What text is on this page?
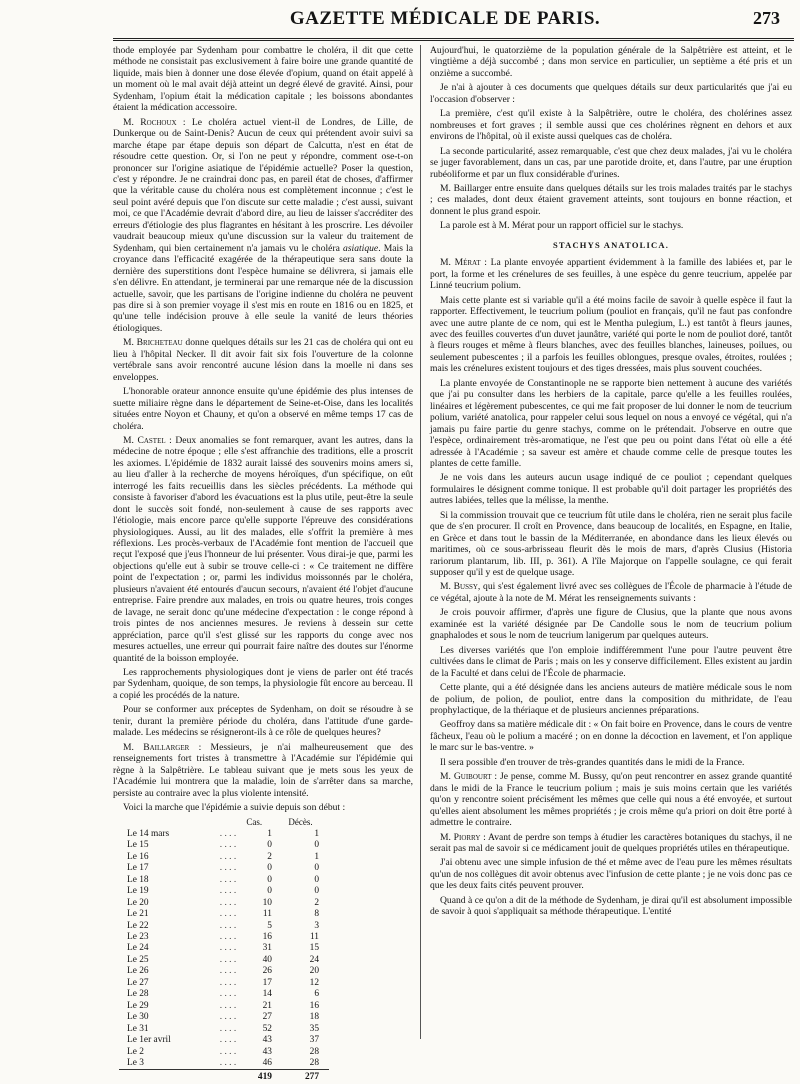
GAZETTE MÉDICALE DE PARIS.	273

thode employée par Sydenham pour combattre le choléra, il dit que cette méthode ne consistait pas exclusivement à faire boire une grande quantité de liquide, mais bien à donner une dose élevée d'opium, quand on était appelé à un moment où le mal avait déjà atteint un degré élevé de gravité. Ainsi, pour Sydenham, l'opium était la médication capitale ; les boissons abondantes étaient la médication accessoire.

M. Rochoux : Le choléra actuel vient-il de Londres, de Lille, de Dunkerque ou de Saint-Denis? Aucun de ceux qui prétendent avoir suivi sa marche étape par étape depuis son départ de Calcutta, n'est en état de résoudre cette question. Or, si l'on ne peut y répondre, comment ose-t-on prononcer sur l'origine asiatique de l'épidémie actuelle? Poser la question, c'est y répondre. Je ne craindrai donc pas, en pareil état de choses, d'affirmer que la véritable cause du choléra nous est complètement inconnue ; c'est le seul point avéré depuis que l'on discute sur cette maladie ; c'est aussi, suivant moi, ce que l'Académie devrait d'abord dire, au lieu de laisser s'accréditer des erreurs d'étiologie des plus flagrantes en hésitant à les proscrire. Les dévoiler vaudrait beaucoup mieux qu'une discussion sur la valeur du traitement de Sydenham, qui bien certainement n'a jamais vu le choléra asiatique. Mais la croyance dans l'efficacité exagérée de la thérapeutique sera sans doute la dernière des superstitions dont l'espèce humaine se délivrera, si jamais elle s'en délivre. En attendant, je terminerai par une remarque née de la discussion actuelle, savoir, que les partisans de l'origine indienne du choléra ne peuvent pas dire si à son premier voyage il s'est mis en route en 1816 ou en 1825, et qu'une telle indécision prouve à elle seule la vanité de leurs théories étiologiques.

M. Bricheteau donne quelques détails sur les 21 cas de choléra qui ont eu lieu à l'hôpital Necker. Il dit avoir fait six fois l'ouverture de la colonne vertébrale sans avoir rencontré aucune lésion dans la moelle ni dans ses enveloppes.

L'honorable orateur annonce ensuite qu'une épidémie des plus intenses de suette miliaire règne dans le département de Seine-et-Oise, dans les localités situées entre Noyon et Chauny, et qu'on a observé en même temps 17 cas de choléra.

M. Castel : Deux anomalies se font remarquer, avant les autres, dans la médecine de notre époque ; elle s'est affranchie des traditions, elle a proscrit les axiomes. L'épidémie de 1832 aurait laissé des souvenirs moins amers si, au lieu d'aller à la recherche de moyens héroïques, d'un spécifique, on eût interrogé les faits recueillis dans les siècles précédents. La méthode qui consiste à favoriser d'abord les évacuations est la plus utile, peut-être la seule dont le succès soit fondé, non-seulement à cause de ses rapports avec l'étiologie, mais encore parce qu'elle supporte l'épreuve des considérations physiologiques. Aussi, au lit des malades, elle s'offrit la première à mes réflexions. Les procès-verbaux de l'Académie font mention de l'accueil que reçut l'exposé que j'eus l'honneur de lui présenter. Vous dirai-je que, parmi les objections qu'elle eut à subir se trouve celle-ci : « Ce traitement ne diffère point de l'expectation ; or, parmi les individus moissonnés par le choléra, plusieurs n'avaient été entourés d'aucun secours, n'avaient été l'objet d'aucune entreprise. Faire prendre aux malades, en trois ou quatre heures, trois conges de lavage, ne serait donc qu'une médecine d'expectation : le conge répond à trois pintes de nos anciennes mesures. Je reviens à dessein sur cette appréciation, parce qu'il s'est glissé sur les rapports du conge avec nos mesures actuelles, une erreur qui pourrait faire naître des doutes sur l'énorme quantité de la boisson employée.

Les rapprochements physiologiques dont je viens de parler ont été tracés par Sydenham, quoique, de son temps, la physiologie fût encore au berceau. Il a copié les procédés de la nature.

Pour se conformer aux préceptes de Sydenham, on doit se résoudre à se tenir, durant la première période du choléra, dans l'attitude d'une garde-malade. Les médecins se résigneront-ils à ce rôle de quelques heures?

M. Baillarger : Messieurs, je n'ai malheureusement que des renseignements fort tristes à transmettre à l'Académie sur l'épidémie qui règne à la Salpêtrière. Le tableau suivant que je mets sous les yeux de l'Académie lui montrera que la maladie, loin de s'arrêter dans sa marche, persiste au contraire avec la plus violente intensité.

Voici la marche que l'épidémie a suivie depuis son début :

		Cas.	Décès.
Le 14 mars	. . . .	1	1
Le 15	. . . .	0	0
Le 16	. . . .	2	1
Le 17	. . . .	0	0
Le 18	. . . .	0	0
Le 19	. . . .	0	0
Le 20	. . . .	10	2
Le 21	. . . .	11	8
Le 22	. . . .	5	3
Le 23	. . . .	16	11
Le 24	. . . .	31	15
Le 25	. . . .	40	24
Le 26	. . . .	26	20
Le 27	. . . .	17	12
Le 28	. . . .	14	6
Le 29	. . . .	21	16
Le 30	. . . .	27	18
Le 31	. . . .	52	35
Le 1er avril	. . . .	43	37
Le 2	. . . .	43	28
Le 3	. . . .	46	28
		419	277

Aujourd'hui, le quatorzième de la population générale de la Salpêtrière est atteint, et le vingtième a déjà succombé ; dans mon service en particulier, un septième a été pris et un onzième a succombé.

Je n'ai à ajouter à ces documents que quelques détails sur deux particularités que j'ai eu l'occasion d'observer :

La première, c'est qu'il existe à la Salpêtrière, outre le choléra, des cholérines assez nombreuses et fort graves ; il semble aussi que ces cholérines règnent en dehors et aux environs de l'hôpital, où il existe aussi quelques cas de choléra.

La seconde particularité, assez remarquable, c'est que chez deux malades, j'ai vu le choléra se juger favorablement, dans un cas, par une parotide droite, et, dans l'autre, par une éruption rubéoliforme et par un flux considérable d'urines.

M. Baillarger entre ensuite dans quelques détails sur les trois malades traités par le stachys ; ces malades, dont deux étaient gravement atteints, sont toujours en bonne réaction, et donnent le plus grand espoir.

La parole est à M. Mérat pour un rapport officiel sur le stachys.

STACHYS ANATOLICA.

M. Mérat : La plante envoyée appartient évidemment à la famille des labiées et, par le port, la forme et les crénelures de ses feuilles, à une espèce du genre teucrium, appelée par Linné teucrium polium.

Mais cette plante est si variable qu'il a été moins facile de savoir à quelle espèce il faut la rapporter. Effectivement, le teucrium polium (pouliot en français, qu'il ne faut pas confondre avec une autre plante de ce nom, qui est le Mentha pulegium, L.) est tantôt à fleurs jaunes, avec des feuilles couvertes d'un duvet jaunâtre, variété qui porte le nom de pouliot doré, tantôt à fleurs rouges et même à fleurs blanches, avec des feuilles blanches, laineuses, poilues, ou seulement pubescentes ; il a parfois les feuilles oblongues, presque ovales, étroites, roulées ; mais les crénelures existent toujours et des tiges dressées, mais plus souvent couchées.

La plante envoyée de Constantinople ne se rapporte bien nettement à aucune des variétés que j'ai pu consulter dans les herbiers de la capitale, parce qu'elle a les feuilles roulées, linéaires et légèrement pubescentes, ce qui me fait proposer de lui donner le nom de teucrium polium, variété anatolica, pour rappeler celui sous lequel on nous a envoyé ce végétal, qui n'a jamais pu faire partie du genre stachys, comme on le prétendait. J'observe en outre que l'espèce, ordinairement très-aromatique, ne l'est que peu ou point dans l'état où elle a été adressée à l'Académie ; sa saveur est amère et chaude comme celle de presque toutes les plantes de cette famille.

Je ne vois dans les auteurs aucun usage indiqué de ce pouliot ; cependant quelques formulaires le désignent comme tonique. Il est probable qu'il doit partager les propriétés des autres labiées, telles que la mélisse, la menthe.

Si la commission trouvait que ce teucrium fût utile dans le choléra, rien ne serait plus facile que de s'en procurer. Il croît en Provence, dans beaucoup de localités, en Espagne, en Italie, en Grèce et dans tout le bassin de la Méditerranée, en abondance dans les lieux élevés ou maritimes, où ce sous-arbrisseau fleurit dès le mois de mars, d'après Clusius (Historia rariorum plantarum, lib. III, p. 361). A l'île Majorque on l'appelle soulagne, ce qui ferait supposer qu'il y est de quelque usage.

M. Bussy, qui s'est également livré avec ses collègues de l'École de pharmacie à l'étude de ce végétal, ajoute à la note de M. Mérat les renseignements suivants :

Je crois pouvoir affirmer, d'après une figure de Clusius, que la plante que nous avons examinée est la variété désignée par De Candolle sous le nom de teucrium polium gnaphalodes et sous le nom de teucrium lanigerum par quelques auteurs.

Les diverses variétés que l'on emploie indifféremment l'une pour l'autre peuvent être cultivées dans le climat de Paris ; mais on les y conserve difficilement. Elles existent au jardin de la Faculté et dans celui de l'École de pharmacie.

Cette plante, qui a été désignée dans les anciens auteurs de matière médicale sous le nom de polium, de polion, de pouliot, entre dans la composition du mithridate, de l'eau prophylactique, de la thériaque et de plusieurs anciennes préparations.

Geoffroy dans sa matière médicale dit : « On fait boire en Provence, dans le cours de ventre fâcheux, l'eau où le polium a macéré ; on en donne la décoction en lavement, et l'on applique le marc sur le bas-ventre. »

Il sera possible d'en trouver de très-grandes quantités dans le midi de la France.

M. Guibourt : Je pense, comme M. Bussy, qu'on peut rencontrer en assez grande quantité dans le midi de la France le teucrium polium ; mais je suis moins certain que les variétés qu'on y rencontre soient précisément les mêmes que celle qui nous a été envoyée, et surtout qu'elles aient absolument les mêmes propriétés ; je crois même qu'a priori on doit être porté à admettre le contraire.

M. Piorry : Avant de perdre son temps à étudier les caractères botaniques du stachys, il ne serait pas mal de savoir si ce médicament jouit de quelques propriétés utiles en thérapeutique.

J'ai obtenu avec une simple infusion de thé et même avec de l'eau pure les mêmes résultats qu'un de nos collègues dit avoir obtenus avec l'infusion de cette plante ; je ne vois donc pas ce que les deux faits cités peuvent prouver.

Quand à ce qu'on a dit de la méthode de Sydenham, je dirai qu'il est absolument impossible de savoir à quoi s'appliquait sa méthode thérapeutique. L'entité
